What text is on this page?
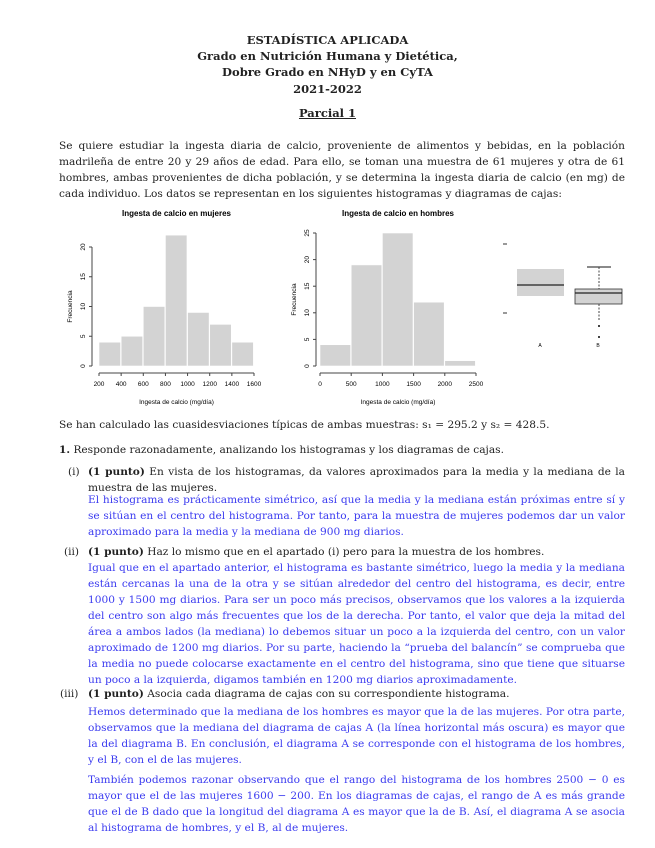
ESTADÍSTICA APLICADA
Grado en Nutrición Humana y Dietética,
Dobre Grado en NHyD y en CyTA
2021-2022
Parcial 1
Se quiere estudiar la ingesta diaria de calcio, proveniente de alimentos y bebidas, en la población madrileña de entre 20 y 29 años de edad. Para ello, se toman una muestra de 61 mujeres y otra de 61 hombres, ambas provenientes de dicha población, y se determina la ingesta diaria de calcio (en mg) de cada individuo. Los datos se representan en los siguientes histogramas y diagramas de cajas:
Ingesta de calcio en mujeres
200 400 600 800 1000 1200 1400 1600
0
5
10
15
20
Ingesta de calcio (mg/día)
Frecuencia
Ingesta de calcio en hombres
0	500	1000	1500	2000	2500
0
5
10
15
20
25
Ingesta de calcio (mg/día)
Frecuencia
A	B
Se han calculado las cuasidesviaciones típicas de ambas muestras: s₁ = 295.2 y s₂ = 428.5.
1. Responde razonadamente, analizando los histogramas y los diagramas de cajas.
(i) (1 punto) En vista de los histogramas, da valores aproximados para la media y la mediana de la muestra de las mujeres.
El histograma es prácticamente simétrico, así que la media y la mediana están próximas entre sí y se sitúan en el centro del histograma. Por tanto, para la muestra de mujeres podemos dar un valor aproximado para la media y la mediana de 900 mg diarios.
(ii) (1 punto) Haz lo mismo que en el apartado (i) pero para la muestra de los hombres.
Igual que en el apartado anterior, el histograma es bastante simétrico, luego la media y la mediana están cercanas la una de la otra y se sitúan alrededor del centro del histograma, es decir, entre 1000 y 1500 mg diarios. Para ser un poco más precisos, observamos que los valores a la izquierda del centro son algo más frecuentes que los de la derecha. Por tanto, el valor que deja la mitad del área a ambos lados (la mediana) lo debemos situar un poco a la izquierda del centro, con un valor aproximado de 1200 mg diarios. Por su parte, haciendo la “prueba del balancín” se comprueba que la media no puede colocarse exactamente en el centro del histograma, sino que tiene que situarse un poco a la izquierda, digamos también en 1200 mg diarios aproximadamente.
(iii) (1 punto) Asocia cada diagrama de cajas con su correspondiente histograma.
Hemos determinado que la mediana de los hombres es mayor que la de las mujeres. Por otra parte, observamos que la mediana del diagrama de cajas A (la línea horizontal más oscura) es mayor que la del diagrama B. En conclusión, el diagrama A se corresponde con el histograma de los hombres, y el B, con el de las mujeres.
También podemos razonar observando que el rango del histograma de los hombres 2500 − 0 es mayor que el de las mujeres 1600 − 200. En los diagramas de cajas, el rango de A es más grande que el de B dado que la longitud del diagrama A es mayor que la de B. Así, el diagrama A se asocia al histograma de hombres, y el B, al de mujeres.
